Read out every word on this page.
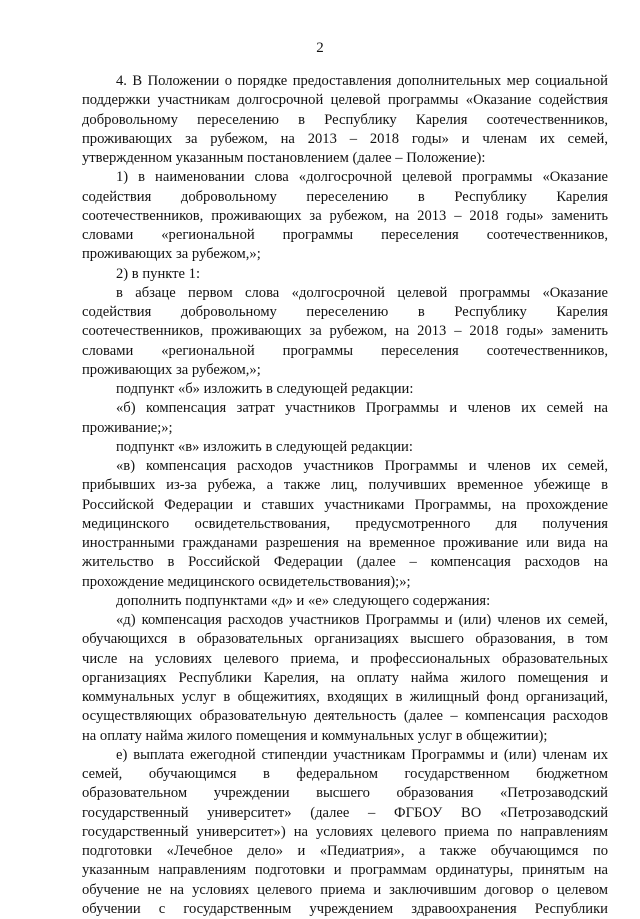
2
4. В Положении о порядке предоставления дополнительных мер социальной
поддержки участникам долгосрочной целевой программы «Оказание содействия
добровольному переселению в Республику Карелия соотечественников,
проживающих за рубежом, на 2013 – 2018 годы» и членам их семей,
утвержденном указанным постановлением (далее – Положение):
1) в наименовании слова «долгосрочной целевой программы «Оказание
содействия добровольному переселению в Республику Карелия
соотечественников, проживающих за рубежом, на 2013 – 2018 годы» заменить
словами «региональной программы переселения соотечественников,
проживающих за рубежом,»;
2) в пункте 1:
в абзаце первом слова «долгосрочной целевой программы «Оказание
содействия добровольному переселению в Республику Карелия
соотечественников, проживающих за рубежом, на 2013 – 2018 годы» заменить
словами «региональной программы переселения соотечественников,
проживающих за рубежом,»;
подпункт «б» изложить в следующей редакции:
«б) компенсация затрат участников Программы и членов их семей на
проживание;»;
подпункт «в» изложить в следующей редакции:
«в) компенсация расходов участников Программы и членов их семей,
прибывших из-за рубежа, а также лиц, получивших временное убежище в
Российской Федерации и ставших участниками Программы, на прохождение
медицинского освидетельствования, предусмотренного для получения
иностранными гражданами разрешения на временное проживание или вида на
жительство в Российской Федерации (далее – компенсация расходов на
прохождение медицинского освидетельствования);»;
дополнить подпунктами «д» и «е» следующего содержания:
«д) компенсация расходов участников Программы и (или) членов их семей,
обучающихся в образовательных организациях высшего образования, в том
числе на условиях целевого приема, и профессиональных образовательных
организациях Республики Карелия, на оплату найма жилого помещения и
коммунальных услуг в общежитиях, входящих в жилищный фонд организаций,
осуществляющих образовательную деятельность (далее – компенсация расходов
на оплату найма жилого помещения и коммунальных услуг в общежитии);
е) выплата ежегодной стипендии участникам Программы и (или) членам их
семей, обучающимся в федеральном государственном бюджетном
образовательном учреждении высшего образования «Петрозаводский
государственный университет» (далее – ФГБОУ ВО «Петрозаводский
государственный университет») на условиях целевого приема по направлениям
подготовки «Лечебное дело» и «Педиатрия», а также обучающимся по
указанным направлениям подготовки и программам ординатуры, принятым на
обучение не на условиях целевого приема и заключившим договор о целевом
обучении с государственным учреждением здравоохранения Республики
